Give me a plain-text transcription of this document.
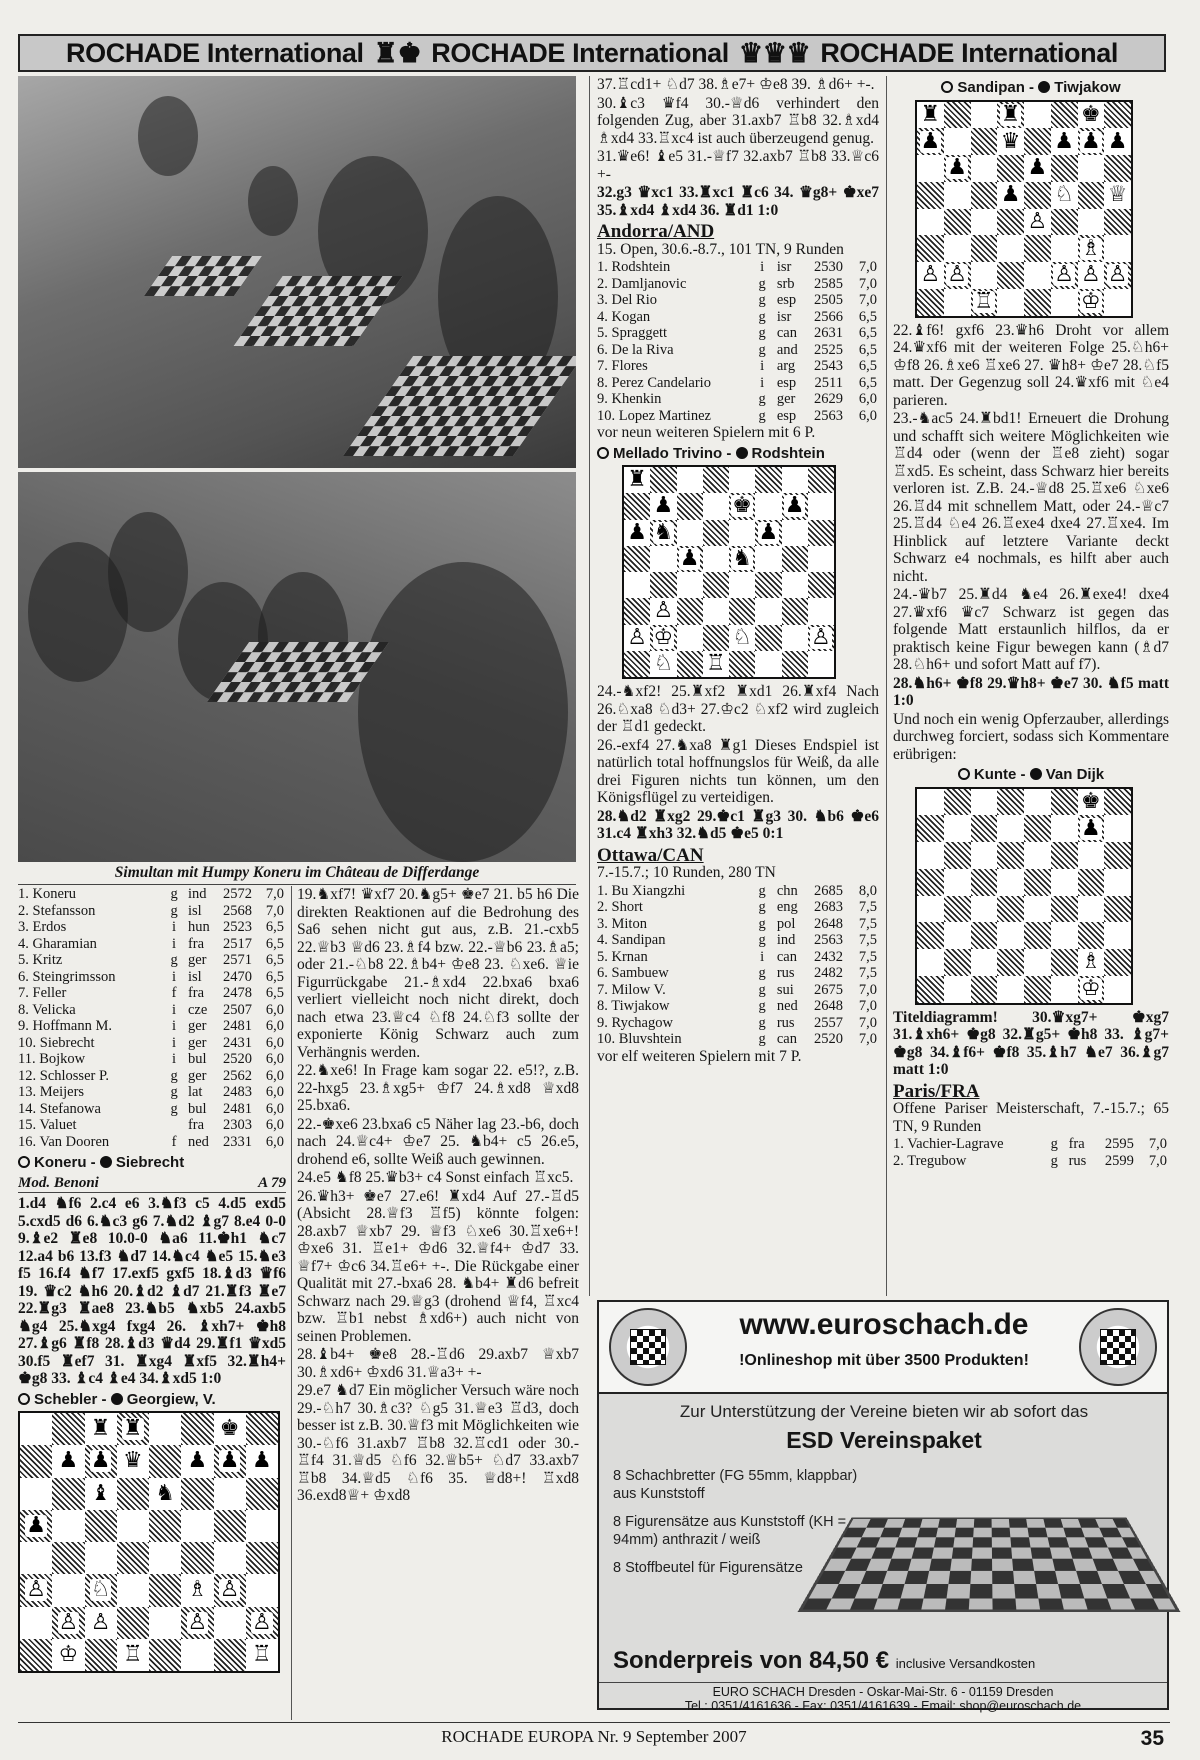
ROCHADE International ♜♚ ROCHADE International ♛♛♛ ROCHADE International
Simultan mit Humpy Koneru im Château de Differdange
1. Koneru	g	ind	2572	7,0
2. Stefansson	g	isl	2568	7,0
3. Erdos	i	hun	2523	6,5
4. Gharamian	i	fra	2517	6,5
5. Kritz	g	ger	2571	6,5
6. Steingrimsson	i	isl	2470	6,5
7. Feller	f	fra	2478	6,5
8. Velicka	i	cze	2507	6,0
9. Hoffmann M.	i	ger	2481	6,0
10. Siebrecht	i	ger	2431	6,0
11. Bojkow	i	bul	2520	6,0
12. Schlosser P.	g	ger	2562	6,0
13. Meijers	g	lat	2483	6,0
14. Stefanowa	g	bul	2481	6,0
15. Valuet		fra	2303	6,0
16. Van Dooren	f	ned	2331	6,0
Koneru - Siebrecht
Mod. Benoni	A 79

1.d4 ♞f6 2.c4 e6 3.♞f3 c5 4.d5 exd5 5.cxd5 d6 6.♞c3 g6 7.♞d2 ♝g7 8.e4 0-0 9.♝e2 ♜e8 10.0-0 ♞a6 11.♚h1 ♞c7 12.a4 b6 13.f3 ♞d7 14.♞c4 ♞e5 15.♞e3 f5 16.f4 ♞f7 17.exf5 gxf5 18.♝d3 ♛f6 19. ♛c2 ♞h6 20.♝d2 ♝d7 21.♜f3 ♜e7 22.♜g3 ♜ae8 23.♞b5 ♞xb5 24.axb5 ♞g4 25.♞xg4 fxg4 26. ♝xh7+ ♚h8 27.♝g6 ♜f8 28.♝d3 ♛d4 29.♜f1 ♛xd5 30.f5 ♜ef7 31. ♜xg4 ♜xf5 32.♜h4+ ♚g8 33. ♝c4 ♝e4 34.♝xd5 1:0

Schebler - Georgiew, V.
♜ ♜	♚
♟ ♟ ♛ ♟ ♟ ♟
♝ ♞
♟
♙ ♘	♗ ♙
♙ ♙	♙ ♙
♔ ♖	♖

19.♞xf7! ♛xf7 20.♞g5+ ♚e7 21. b5 h6 Die direkten Reaktionen auf die Bedrohung des Sa6 sehen nicht gut aus, z.B. 21.-cxb5 22.♕b3 ♕d6 23.♗f4 bzw. 22.-♕b6 23.♗a5; oder 21.-♘b8 22.♗b4+ ♔e8 23. ♘xe6. ♕ie Figurrückgabe 21.-♗xd4 22.bxa6 bxa6 verliert vielleicht noch nicht direkt, doch nach etwa 23.♕c4 ♘f8 24.♘f3 sollte der exponierte König Schwarz auch zum Verhängnis werden.

22.♞xe6! In Frage kam sogar 22. e5!?, z.B. 22-hxg5 23.♗xg5+ ♔f7 24.♗xd8 ♕xd8 25.bxa6.

22.-♚xe6 23.bxa6 c5 Näher lag 23.-b6, doch nach 24.♕c4+ ♔e7 25. ♞b4+ c5 26.e5, drohend e6, sollte Weiß auch gewinnen.

24.e5 ♞f8 25.♛b3+ c4 Sonst einfach ♖xc5.

26.♛h3+ ♚e7 27.e6! ♜xd4 Auf 27.-♖d5 (Absicht 28.♕f3 ♖f5) könnte folgen: 28.axb7 ♕xb7 29. ♕f3 ♘xe6 30.♖xe6+! ♔xe6 31. ♖e1+ ♔d6 32.♕f4+ ♔d7 33. ♕f7+ ♔c6 34.♖e6+ +-. Die Rückgabe einer Qualität mit 27.-bxa6 28. ♞b4+ ♜d6 befreit Schwarz nach 29.♕g3 (drohend ♕f4, ♖xc4 bzw. ♖b1 nebst ♗xd6+) auch nicht von seinen Problemen.

28.♝b4+ ♚e8 28.-♖d6 29.axb7 ♕xb7 30.♗xd6+ ♔xd6 31.♕a3+ +-

29.e7 ♞d7 Ein möglicher Versuch wäre noch 29.-♘h7 30.♗c3? ♘g5 31.♕e3 ♖d3, doch besser ist z.B. 30.♕f3 mit Möglichkeiten wie 30.-♘f6 31.axb7 ♖b8 32.♖cd1 oder 30.-♖f4 31.♕d5 ♘f6 32.♕b5+ ♘d7 33.axb7 ♖b8 34.♕d5 ♘f6 35. ♕d8+! ♖xd8 36.exd8♕+ ♔xd8

37.♖cd1+ ♘d7 38.♗e7+ ♔e8 39. ♗d6+ +-.

30.♝c3 ♛f4 30.-♕d6 verhindert den folgenden Zug, aber 31.axb7 ♖b8 32.♗xd4 ♗xd4 33.♖xc4 ist auch überzeugend genug.

31.♛e6! ♝e5 31.-♕f7 32.axb7 ♖b8 33.♕c6 +-

32.g3 ♛xc1 33.♜xc1 ♜c6 34. ♛g8+ ♚xe7 35.♝xd4 ♝xd4 36. ♜d1 1:0

Andorra/AND

15. Open, 30.6.-8.7., 101 TN, 9 Runden

1. Rodshtein	i	isr	2530	7,0
2. Damljanovic	g	srb	2585	7,0
3. Del Rio	g	esp	2505	7,0
4. Kogan	g	isr	2566	6,5
5. Spraggett	g	can	2631	6,5
6. De la Riva	g	and	2525	6,5
7. Flores	i	arg	2543	6,5
8. Perez Candelario	i	esp	2511	6,5
9. Khenkin	g	ger	2629	6,0
10. Lopez Martinez	g	esp	2563	6,0

vor neun weiteren Spielern mit 6 P.

Mellado Trivino - Rodshtein
♜
♟	♚ ♟
♟ ♞	♟
♟ ♞
♙
♙ ♔	♘	♙
♘ ♖

24.-♞xf2! 25.♜xf2 ♜xd1 26.♜xf4 Nach 26.♘xa8 ♘d3+ 27.♔c2 ♘xf2 wird zugleich der ♖d1 gedeckt.

26.-exf4 27.♞xa8 ♜g1 Dieses Endspiel ist natürlich total hoffnungslos für Weiß, da alle drei Figuren nichts tun können, um den Königsflügel zu verteidigen.

28.♞d2 ♜xg2 29.♚c1 ♜g3 30. ♞b6 ♚e6 31.c4 ♜xh3 32.♞d5 ♚e5 0:1

Ottawa/CAN

7.-15.7.; 10 Runden, 280 TN

1. Bu Xiangzhi	g	chn	2685	8,0
2. Short	g	eng	2683	7,5
3. Miton	g	pol	2648	7,5
4. Sandipan	g	ind	2563	7,5
5. Krnan	i	can	2432	7,5
6. Sambuew	g	rus	2482	7,5
7. Milow V.	g	sui	2675	7,0
8. Tiwjakow	g	ned	2648	7,0
9. Rychagow	g	rus	2557	7,0
10. Bluvshtein	g	can	2520	7,0

vor elf weiteren Spielern mit 7 P.

Sandipan - Tiwjakow
♜	♜	♚
♟	♛ ♟ ♟ ♟
♟	♟
♟ ♘ ♕
♙
♗
♙ ♙	♙ ♙ ♙
♖	♔

22.♝f6! gxf6 23.♛h6 Droht vor allem 24.♛xf6 mit der weiteren Folge 25.♘h6+ ♔f8 26.♗xe6 ♖xe6 27. ♛h8+ ♔e7 28.♘f5 matt. Der Gegenzug soll 24.♛xf6 mit ♘e4 parieren.

23.-♞ac5 24.♜bd1! Erneuert die Drohung und schafft sich weitere Möglichkeiten wie ♖d4 oder (wenn der ♖e8 zieht) sogar ♖xd5. Es scheint, dass Schwarz hier bereits verloren ist. Z.B. 24.-♕d8 25.♖xe6 ♘xe6 26.♖d4 mit schnellem Matt, oder 24.-♕c7 25.♖d4 ♘e4 26.♖exe4 dxe4 27.♖xe4. Im Hinblick auf letztere Variante deckt Schwarz e4 nochmals, es hilft aber auch nicht.

24.-♛b7 25.♜d4 ♞e4 26.♜exe4! dxe4 27.♛xf6 ♛c7 Schwarz ist gegen das folgende Matt erstaunlich hilflos, da er praktisch keine Figur bewegen kann (♗d7 28.♘h6+ und sofort Matt auf f7).

28.♞h6+ ♚f8 29.♛h8+ ♚e7 30. ♞f5 matt 1:0

Und noch ein wenig Opferzauber, allerdings durchweg forciert, sodass sich Kommentare erübrigen:

Kunte - Van Dijk
♚
♟
♗
♔

Titeldiagramm! 30.♛xg7+ ♚xg7 31.♝xh6+ ♚g8 32.♜g5+ ♚h8 33. ♝g7+ ♚g8 34.♝f6+ ♚f8 35.♝h7 ♞e7 36.♝g7 matt 1:0

Paris/FRA

Offene Pariser Meisterschaft, 7.-15.7.; 65 TN, 9 Runden

1. Vachier-Lagrave	g	fra	2595	7,0
2. Tregubow	g	rus	2599	7,0
www.euroschach.de
!Onlineshop mit über 3500 Produkten!
Zur Unterstützung der Vereine bieten wir ab sofort das
ESD Vereinspaket

8 Schachbretter (FG 55mm, klappbar) aus Kunststoff

8 Figurensätze aus Kunststoff (KH = 94mm) anthrazit / weiß

8 Stoffbeutel für Figurensätze

Sonderpreis von 84,50 € inclusive Versandkosten
EURO SCHACH Dresden - Oskar-Mai-Str. 6 - 01159 Dresden
Tel.: 0351/4161636 - Fax: 0351/4161639 - Email: shop@euroschach.de
ROCHADE EUROPA Nr. 9 September 2007	35
